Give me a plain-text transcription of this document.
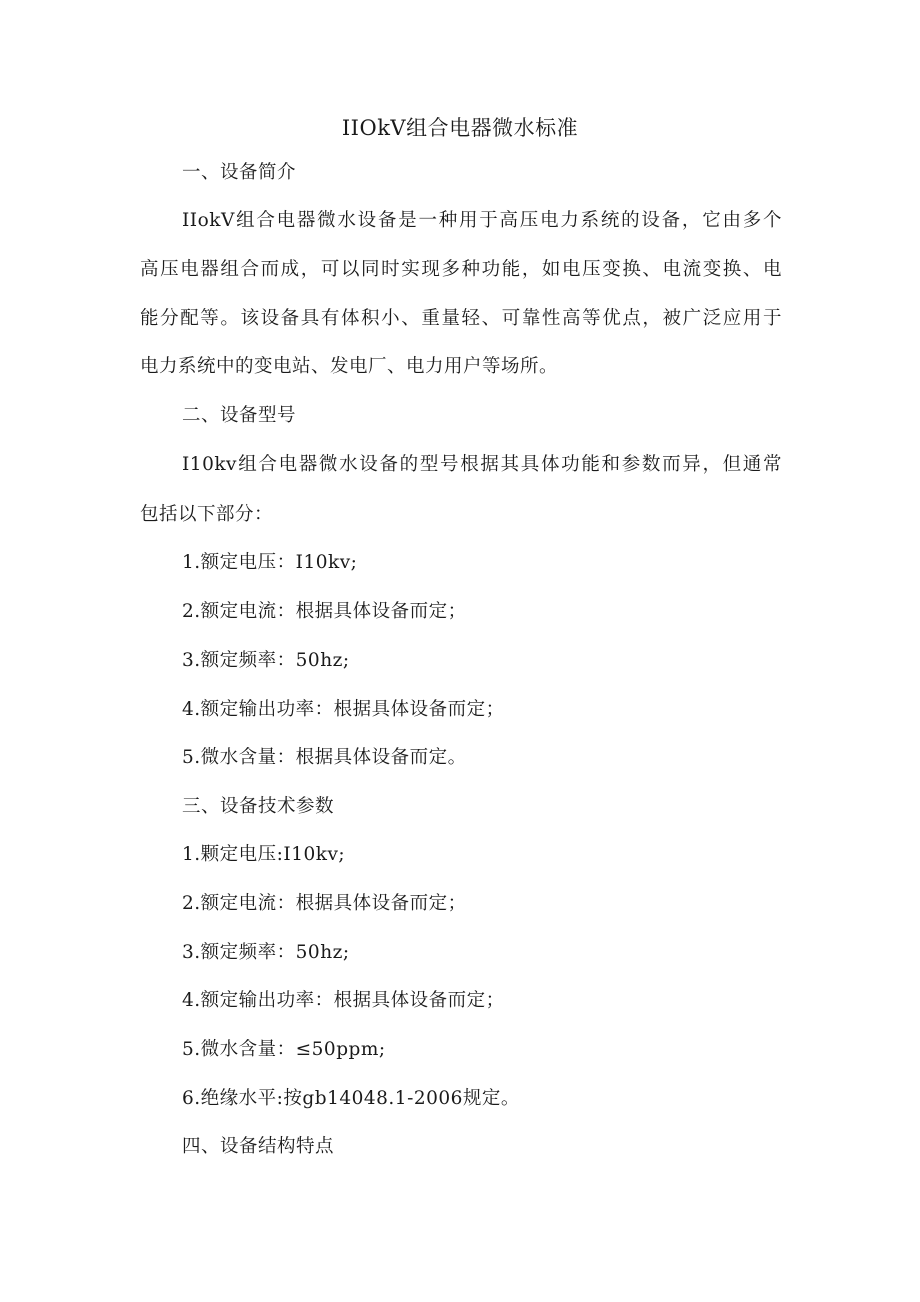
IIOkV组合电器微水标准
一、设备简介
IIokV组合电器微水设备是一种用于高压电力系统的设备，它由多个
高压电器组合而成，可以同时实现多种功能，如电压变换、电流变换、电
能分配等。该设备具有体积小、重量轻、可靠性高等优点，被广泛应用于
电力系统中的变电站、发电厂、电力用户等场所。
二、设备型号
I10kv组合电器微水设备的型号根据其具体功能和参数而异，但通常
包括以下部分：
1.额定电压：I10kv;
2.额定电流：根据具体设备而定；
3.额定频率：50hz;
4.额定输出功率：根据具体设备而定；
5.微水含量：根据具体设备而定。
三、设备技术参数
1.颗定电压:I10kv;
2.额定电流：根据具体设备而定；
3.额定频率：50hz;
4.额定输出功率：根据具体设备而定；
5.微水含量：≤50ppm;
6.绝缘水平:按gb14048.1-2006规定。
四、设备结构特点
